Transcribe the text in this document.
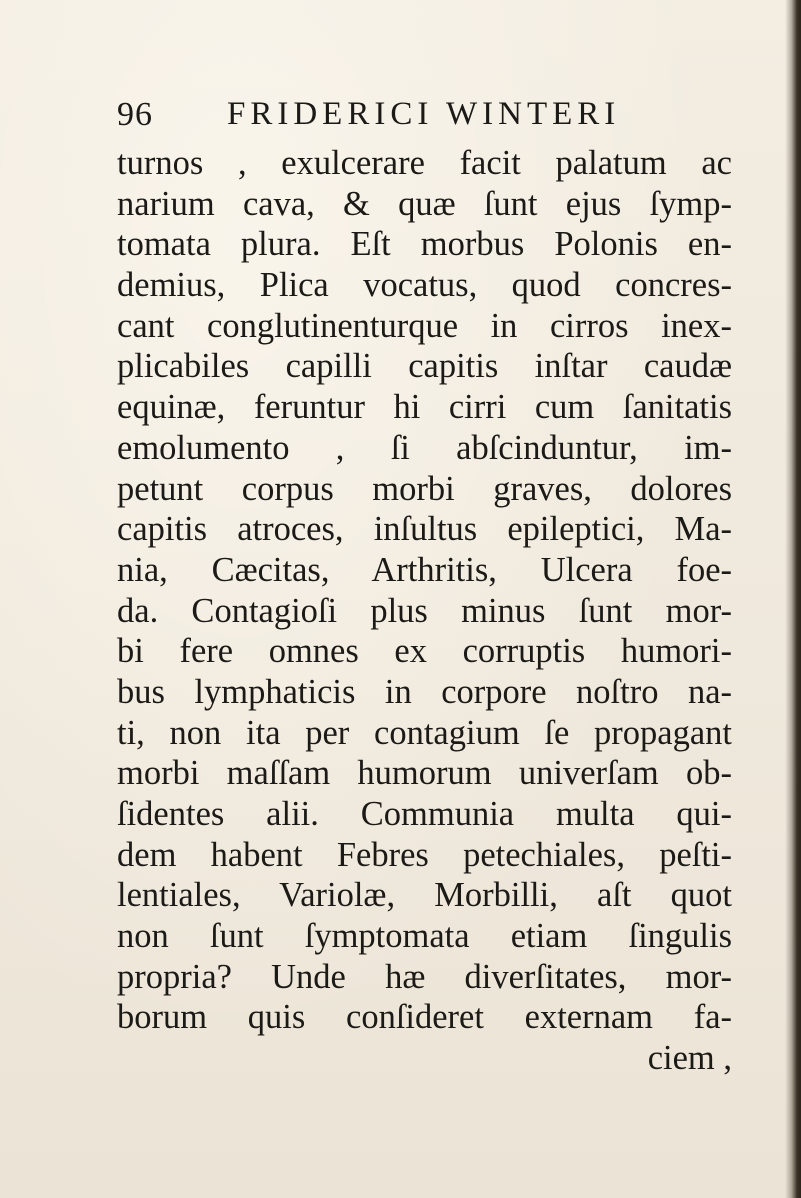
96 FRIDERICI WINTERI
turnos , exulcerare facit palatum ac
narium cava, & quæ ſunt ejus ſymp-
tomata plura. Eſt morbus Polonis en-
demius, Plica vocatus, quod concres-
cant conglutinenturque in cirros inex-
plicabiles capilli capitis inſtar caudæ
equinæ, feruntur hi cirri cum ſanitatis
emolumento , ſi abſcinduntur, im-
petunt corpus morbi graves, dolores
capitis atroces, inſultus epileptici, Ma-
nia, Cæcitas, Arthritis, Ulcera foe-
da. Contagioſi plus minus ſunt mor-
bi fere omnes ex corruptis humori-
bus lymphaticis in corpore noſtro na-
ti, non ita per contagium ſe propagant
morbi maſſam humorum univerſam ob-
ſidentes alii. Communia multa qui-
dem habent Febres petechiales, peſti-
lentiales, Variolæ, Morbilli, aſt quot
non ſunt ſymptomata etiam ſingulis
propria? Unde hæ diverſitates, mor-
borum quis conſideret externam fa-
ciem ,
